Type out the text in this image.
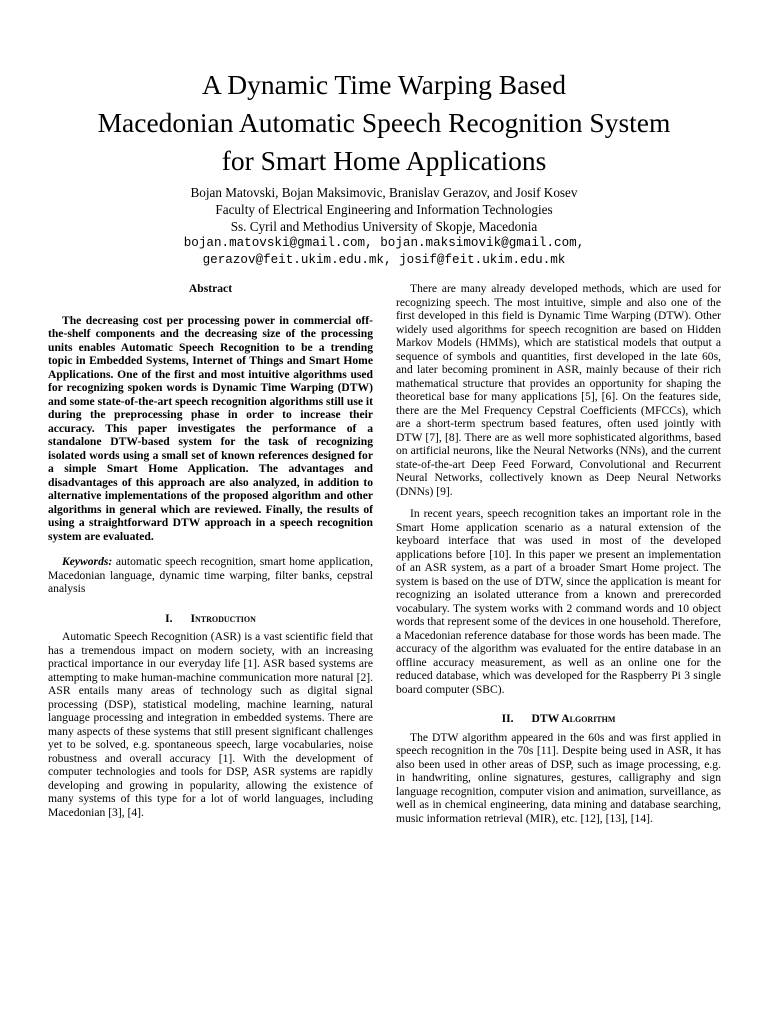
A Dynamic Time Warping Based
Macedonian Automatic Speech Recognition System
for Smart Home Applications
Bojan Matovski, Bojan Maksimovic, Branislav Gerazov, and Josif Kosev
Faculty of Electrical Engineering and Information Technologies
Ss. Cyril and Methodius University of Skopje, Macedonia
bojan.matovski@gmail.com, bojan.maksimovik@gmail.com,
gerazov@feit.ukim.edu.mk, josif@feit.ukim.edu.mk
Abstract

The decreasing cost per processing power in commercial off-the-shelf components and the decreasing size of the processing units enables Automatic Speech Recognition to be a trending topic in Embedded Systems, Internet of Things and Smart Home Applications. One of the first and most intuitive algorithms used for recognizing spoken words is Dynamic Time Warping (DTW) and some state-of-the-art speech recognition algorithms still use it during the preprocessing phase in order to increase their accuracy. This paper investigates the performance of a standalone DTW-based system for the task of recognizing isolated words using a small set of known references designed for a simple Smart Home Application. The advantages and disadvantages of this approach are also analyzed, in addition to alternative implementations of the proposed algorithm and other algorithms in general which are reviewed. Finally, the results of using a straightforward DTW approach in a speech recognition system are evaluated.

Keywords: automatic speech recognition, smart home application, Macedonian language, dynamic time warping, filter banks, cepstral analysis

I. Introduction

Automatic Speech Recognition (ASR) is a vast scientific field that has a tremendous impact on modern society, with an increasing practical importance in our everyday life [1]. ASR based systems are attempting to make human-machine communication more natural [2]. ASR entails many areas of technology such as digital signal processing (DSP), statistical modeling, machine learning, natural language processing and integration in embedded systems. There are many aspects of these systems that still present significant challenges yet to be solved, e.g. spontaneous speech, large vocabularies, noise robustness and overall accuracy [1]. With the development of computer technologies and tools for DSP, ASR systems are rapidly developing and growing in popularity, allowing the existence of many systems of this type for a lot of world languages, including Macedonian [3], [4].

There are many already developed methods, which are used for recognizing speech. The most intuitive, simple and also one of the first developed in this field is Dynamic Time Warping (DTW). Other widely used algorithms for speech recognition are based on Hidden Markov Models (HMMs), which are statistical models that output a sequence of symbols and quantities, first developed in the late 60s, and later becoming prominent in ASR, mainly because of their rich mathematical structure that provides an opportunity for shaping the theoretical base for many applications [5], [6]. On the features side, there are the Mel Frequency Cepstral Coefficients (MFCCs), which are a short-term spectrum based features, often used jointly with DTW [7], [8]. There are as well more sophisticated algorithms, based on artificial neurons, like the Neural Networks (NNs), and the current state-of-the-art Deep Feed Forward, Convolutional and Recurrent Neural Networks, collectively known as Deep Neural Networks (DNNs) [9].

In recent years, speech recognition takes an important role in the Smart Home application scenario as a natural extension of the keyboard interface that was used in most of the developed applications before [10]. In this paper we present an implementation of an ASR system, as a part of a broader Smart Home project. The system is based on the use of DTW, since the application is meant for recognizing an isolated utterance from a known and prerecorded vocabulary. The system works with 2 command words and 10 object words that represent some of the devices in one household. Therefore, a Macedonian reference database for those words has been made. The accuracy of the algorithm was evaluated for the entire database in an offline accuracy measurement, as well as an online one for the reduced database, which was developed for the Raspberry Pi 3 single board computer (SBC).

II. DTW Algorithm

The DTW algorithm appeared in the 60s and was first applied in speech recognition in the 70s [11]. Despite being used in ASR, it has also been used in other areas of DSP, such as image processing, e.g. in handwriting, online signatures, gestures, calligraphy and sign language recognition, computer vision and animation, surveillance, as well as in chemical engineering, data mining and database searching, music information retrieval (MIR), etc. [12], [13], [14].
